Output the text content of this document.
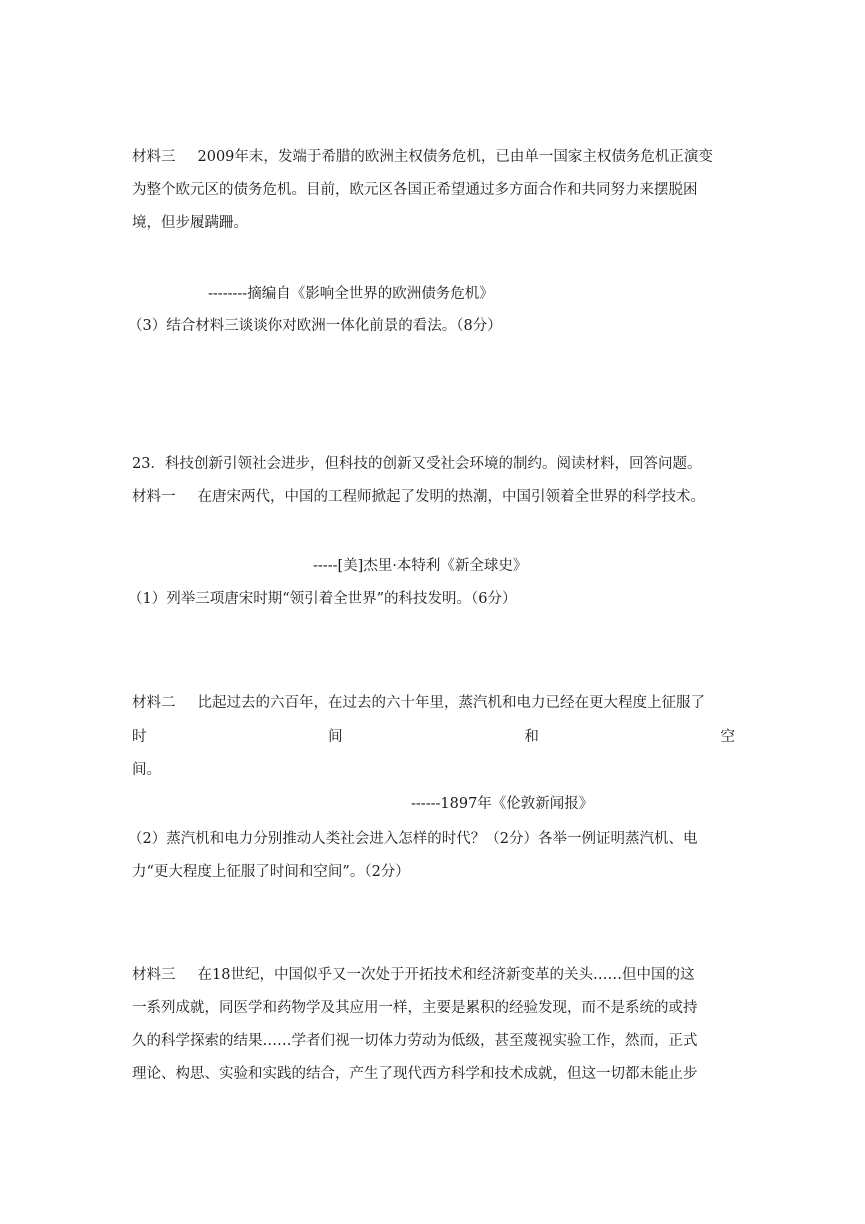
材料三 2009年末，发端于希腊的欧洲主权债务危机，已由单一国家主权债务危机正演变
为整个欧元区的债务危机。目前，欧元区各国正希望通过多方面合作和共同努力来摆脱困
境，但步履蹒跚。
--------摘编自《影响全世界的欧洲债务危机》
（3）结合材料三谈谈你对欧洲一体化前景的看法。（8分）
23．科技创新引领社会进步，但科技的创新又受社会环境的制约。阅读材料，回答问题。
材料一 在唐宋两代，中国的工程师掀起了发明的热潮，中国引领着全世界的科学技术。
-----[美]杰里·本特利《新全球史》
（1）列举三项唐宋时期“领引着全世界”的科技发明。（6分）
材料二 比起过去的六百年，在过去的六十年里，蒸汽机和电力已经在更大程度上征服了
时	间	和	空
间。
------1897年《伦敦新闻报》
（2）蒸汽机和电力分别推动人类社会进入怎样的时代？（2分）各举一例证明蒸汽机、电
力“更大程度上征服了时间和空间”。（2分）
材料三 在18世纪，中国似乎又一次处于开拓技术和经济新变革的关头……但中国的这
一系列成就，同医学和药物学及其应用一样，主要是累积的经验发现，而不是系统的或持
久的科学探索的结果……学者们视一切体力劳动为低级，甚至蔑视实验工作，然而，正式
理论、构思、实验和实践的结合，产生了现代西方科学和技术成就，但这一切都未能止步
